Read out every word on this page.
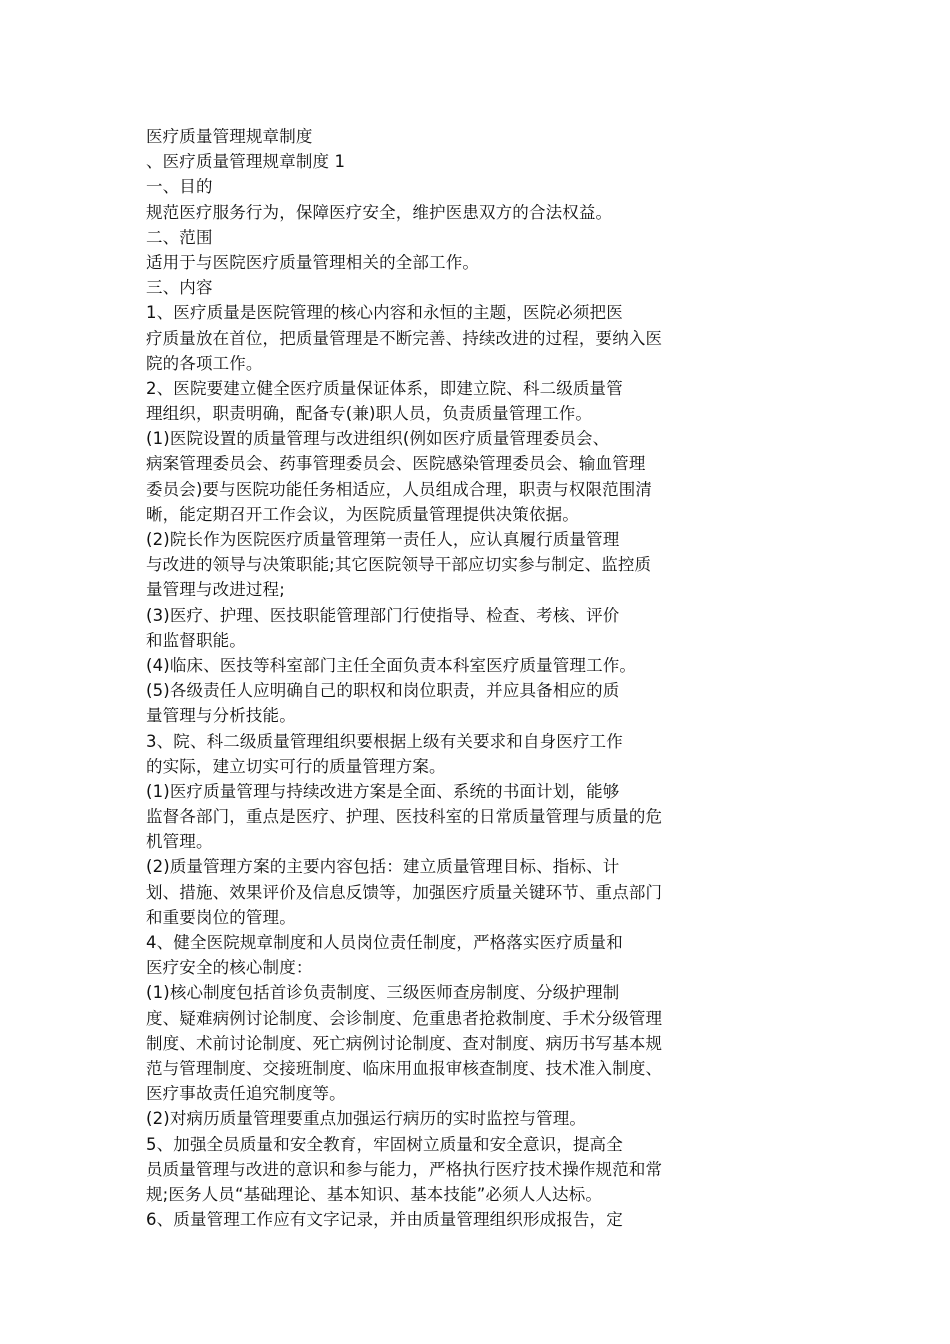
医疗质量管理规章制度
、医疗质量管理规章制度 1
一、目的
规范医疗服务行为，保障医疗安全，维护医患双方的合法权益。
二、范围
适用于与医院医疗质量管理相关的全部工作。
三、内容
1、医疗质量是医院管理的核心内容和永恒的主题，医院必须把医
疗质量放在首位，把质量管理是不断完善、持续改进的过程，要纳入医
院的各项工作。
2、医院要建立健全医疗质量保证体系，即建立院、科二级质量管
理组织，职责明确，配备专(兼)职人员，负责质量管理工作。
(1)医院设置的质量管理与改进组织(例如医疗质量管理委员会、
病案管理委员会、药事管理委员会、医院感染管理委员会、输血管理
委员会)要与医院功能任务相适应，人员组成合理，职责与权限范围清
晰，能定期召开工作会议，为医院质量管理提供决策依据。
(2)院长作为医院医疗质量管理第一责任人，应认真履行质量管理
与改进的领导与决策职能;其它医院领导干部应切实参与制定、监控质
量管理与改进过程;
(3)医疗、护理、医技职能管理部门行使指导、检查、考核、评价
和监督职能。
(4)临床、医技等科室部门主任全面负责本科室医疗质量管理工作。
(5)各级责任人应明确自己的职权和岗位职责，并应具备相应的质
量管理与分析技能。
3、院、科二级质量管理组织要根据上级有关要求和自身医疗工作
的实际，建立切实可行的质量管理方案。
(1)医疗质量管理与持续改进方案是全面、系统的书面计划，能够
监督各部门，重点是医疗、护理、医技科室的日常质量管理与质量的危
机管理。
(2)质量管理方案的主要内容包括：建立质量管理目标、指标、计
划、措施、效果评价及信息反馈等，加强医疗质量关键环节、重点部门
和重要岗位的管理。
4、健全医院规章制度和人员岗位责任制度，严格落实医疗质量和
医疗安全的核心制度：
(1)核心制度包括首诊负责制度、三级医师查房制度、分级护理制
度、疑难病例讨论制度、会诊制度、危重患者抢救制度、手术分级管理
制度、术前讨论制度、死亡病例讨论制度、查对制度、病历书写基本规
范与管理制度、交接班制度、临床用血报审核查制度、技术准入制度、
医疗事故责任追究制度等。
(2)对病历质量管理要重点加强运行病历的实时监控与管理。
5、加强全员质量和安全教育，牢固树立质量和安全意识，提高全
员质量管理与改进的意识和参与能力，严格执行医疗技术操作规范和常
规;医务人员“基础理论、基本知识、基本技能”必须人人达标。
6、质量管理工作应有文字记录，并由质量管理组织形成报告，定
